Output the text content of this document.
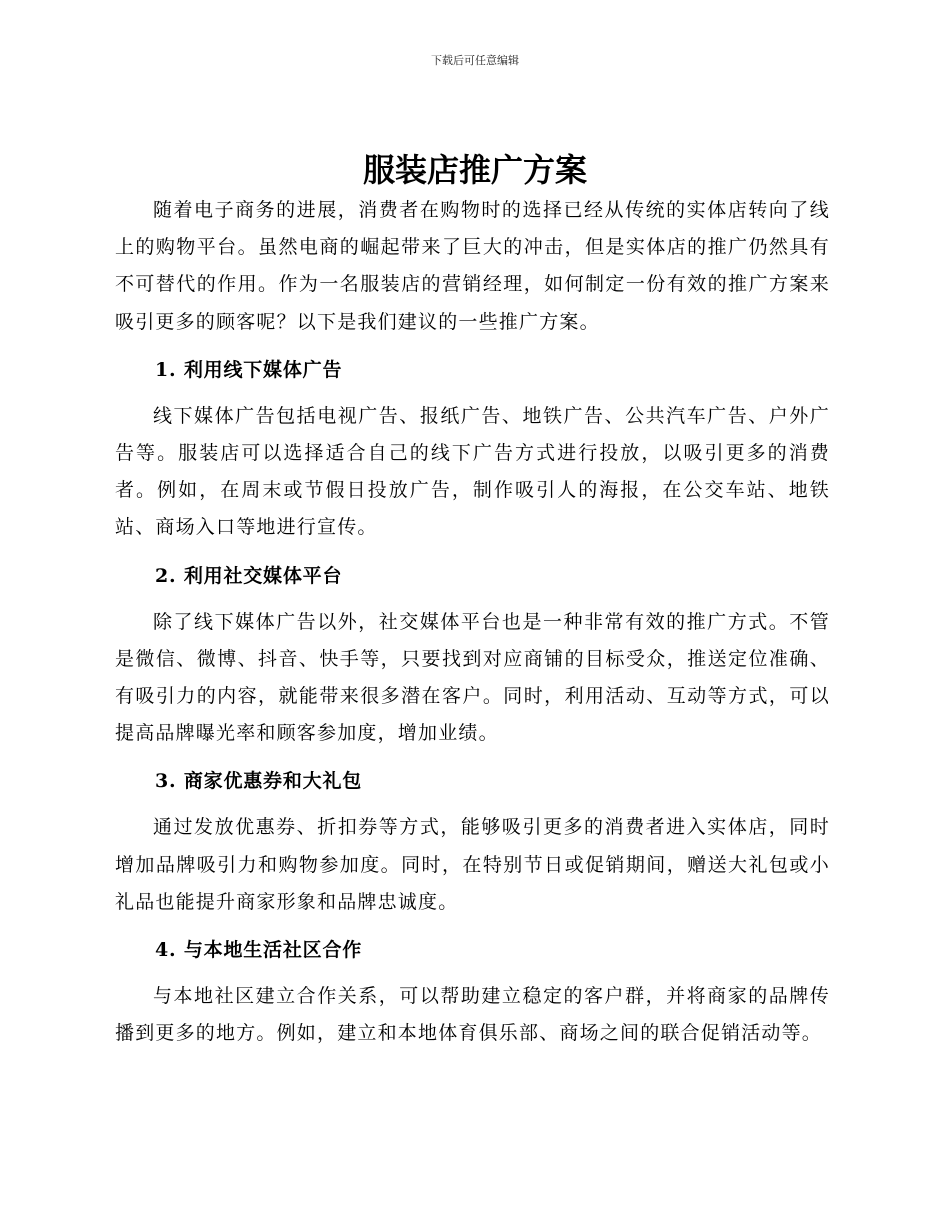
下载后可任意编辑
服装店推广方案

随着电子商务的进展，消费者在购物时的选择已经从传统的实体店转向了线上的购物平台。虽然电商的崛起带来了巨大的冲击，但是实体店的推广仍然具有不可替代的作用。作为一名服装店的营销经理，如何制定一份有效的推广方案来吸引更多的顾客呢？以下是我们建议的一些推广方案。

1. 利用线下媒体广告

线下媒体广告包括电视广告、报纸广告、地铁广告、公共汽车广告、户外广告等。服装店可以选择适合自己的线下广告方式进行投放，以吸引更多的消费者。例如，在周末或节假日投放广告，制作吸引人的海报，在公交车站、地铁站、商场入口等地进行宣传。

2. 利用社交媒体平台

除了线下媒体广告以外，社交媒体平台也是一种非常有效的推广方式。不管是微信、微博、抖音、快手等，只要找到对应商铺的目标受众，推送定位准确、有吸引力的内容，就能带来很多潜在客户。同时，利用活动、互动等方式，可以提高品牌曝光率和顾客参加度，增加业绩。

3. 商家优惠券和大礼包

通过发放优惠券、折扣券等方式，能够吸引更多的消费者进入实体店，同时增加品牌吸引力和购物参加度。同时，在特别节日或促销期间，赠送大礼包或小礼品也能提升商家形象和品牌忠诚度。

4. 与本地生活社区合作

与本地社区建立合作关系，可以帮助建立稳定的客户群，并将商家的品牌传播到更多的地方。例如，建立和本地体育俱乐部、商场之间的联合促销活动等。
